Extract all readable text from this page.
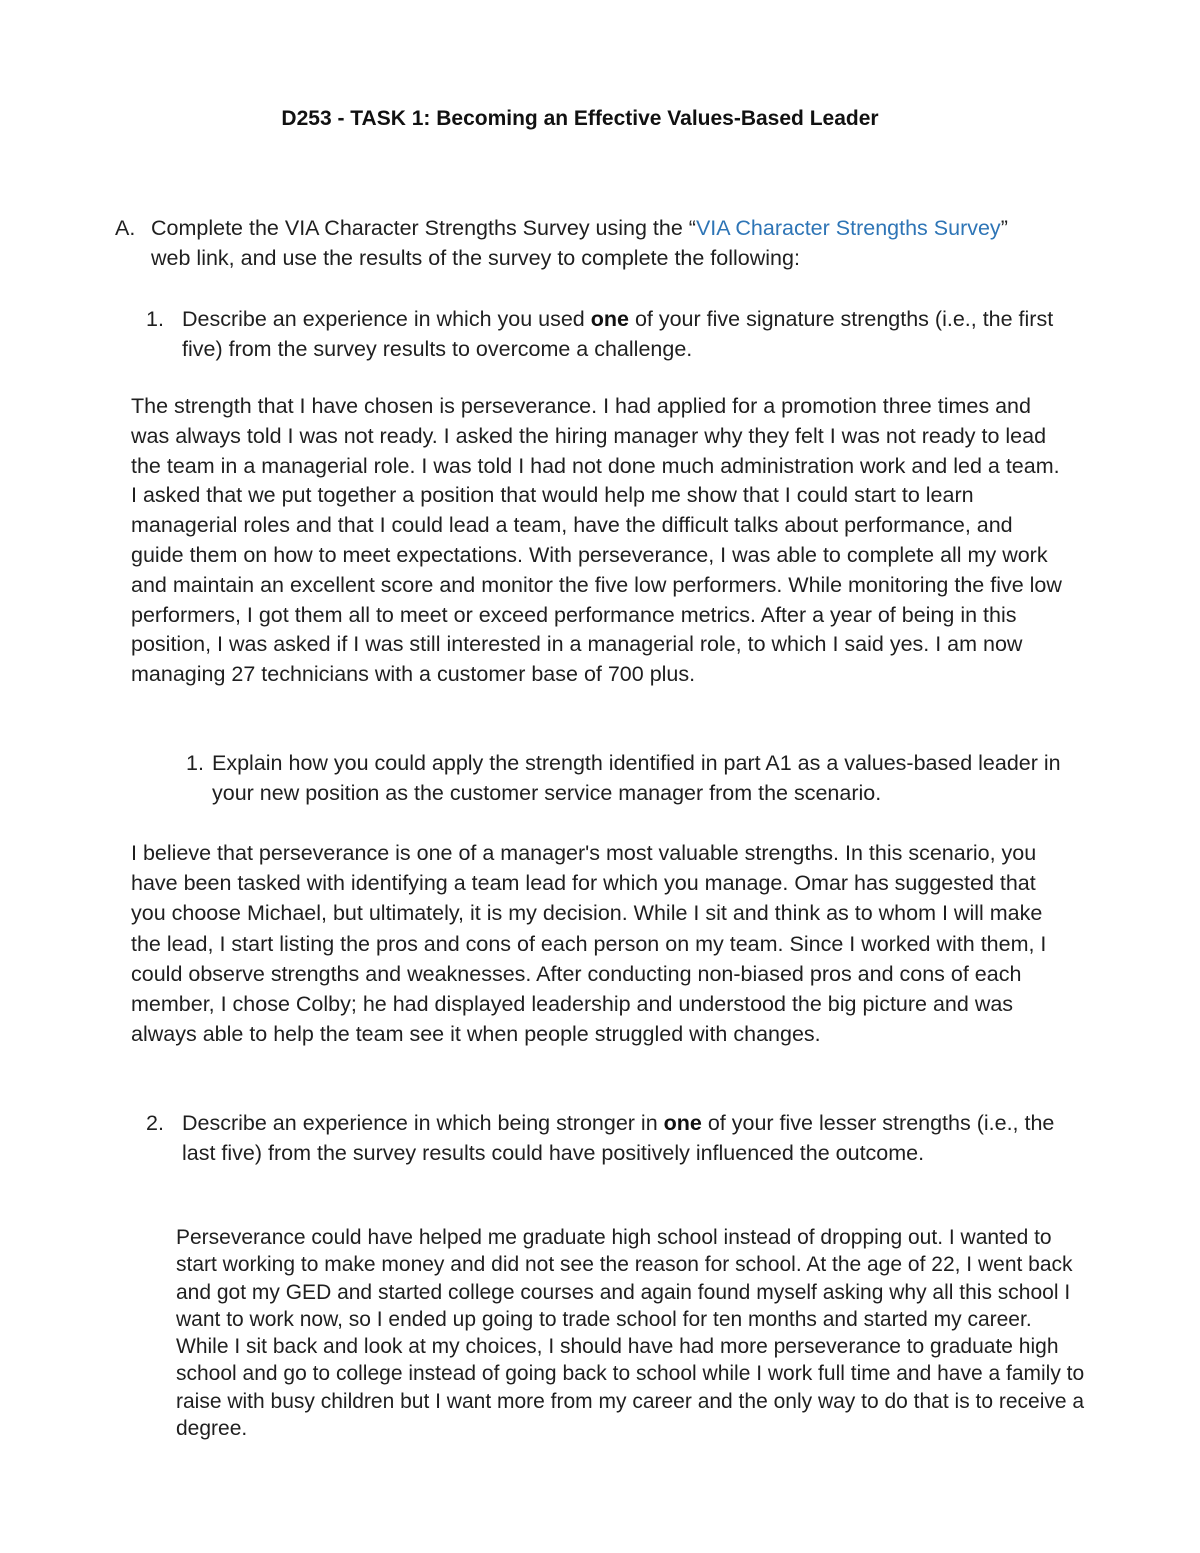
D253 - TASK 1: Becoming an Effective Values-Based Leader

A. Complete the VIA Character Strengths Survey using the “VIA Character Strengths Survey” web link, and use the results of the survey to complete the following:

1. Describe an experience in which you used one of your five signature strengths (i.e., the first five) from the survey results to overcome a challenge.

The strength that I have chosen is perseverance. I had applied for a promotion three times and was always told I was not ready. I asked the hiring manager why they felt I was not ready to lead the team in a managerial role. I was told I had not done much administration work and led a team. I asked that we put together a position that would help me show that I could start to learn managerial roles and that I could lead a team, have the difficult talks about performance, and guide them on how to meet expectations. With perseverance, I was able to complete all my work and maintain an excellent score and monitor the five low performers. While monitoring the five low performers, I got them all to meet or exceed performance metrics. After a year of being in this position, I was asked if I was still interested in a managerial role, to which I said yes. I am now managing 27 technicians with a customer base of 700 plus.

1. Explain how you could apply the strength identified in part A1 as a values-based leader in your new position as the customer service manager from the scenario.

I believe that perseverance is one of a manager's most valuable strengths. In this scenario, you have been tasked with identifying a team lead for which you manage. Omar has suggested that you choose Michael, but ultimately, it is my decision. While I sit and think as to whom I will make the lead, I start listing the pros and cons of each person on my team. Since I worked with them, I could observe strengths and weaknesses. After conducting non-biased pros and cons of each member, I chose Colby; he had displayed leadership and understood the big picture and was always able to help the team see it when people struggled with changes.

2. Describe an experience in which being stronger in one of your five lesser strengths (i.e., the last five) from the survey results could have positively influenced the outcome.

Perseverance could have helped me graduate high school instead of dropping out. I wanted to start working to make money and did not see the reason for school. At the age of 22, I went back and got my GED and started college courses and again found myself asking why all this school I want to work now, so I ended up going to trade school for ten months and started my career. While I sit back and look at my choices, I should have had more perseverance to graduate high school and go to college instead of going back to school while I work full time and have a family to raise with busy children but I want more from my career and the only way to do that is to receive a degree.
